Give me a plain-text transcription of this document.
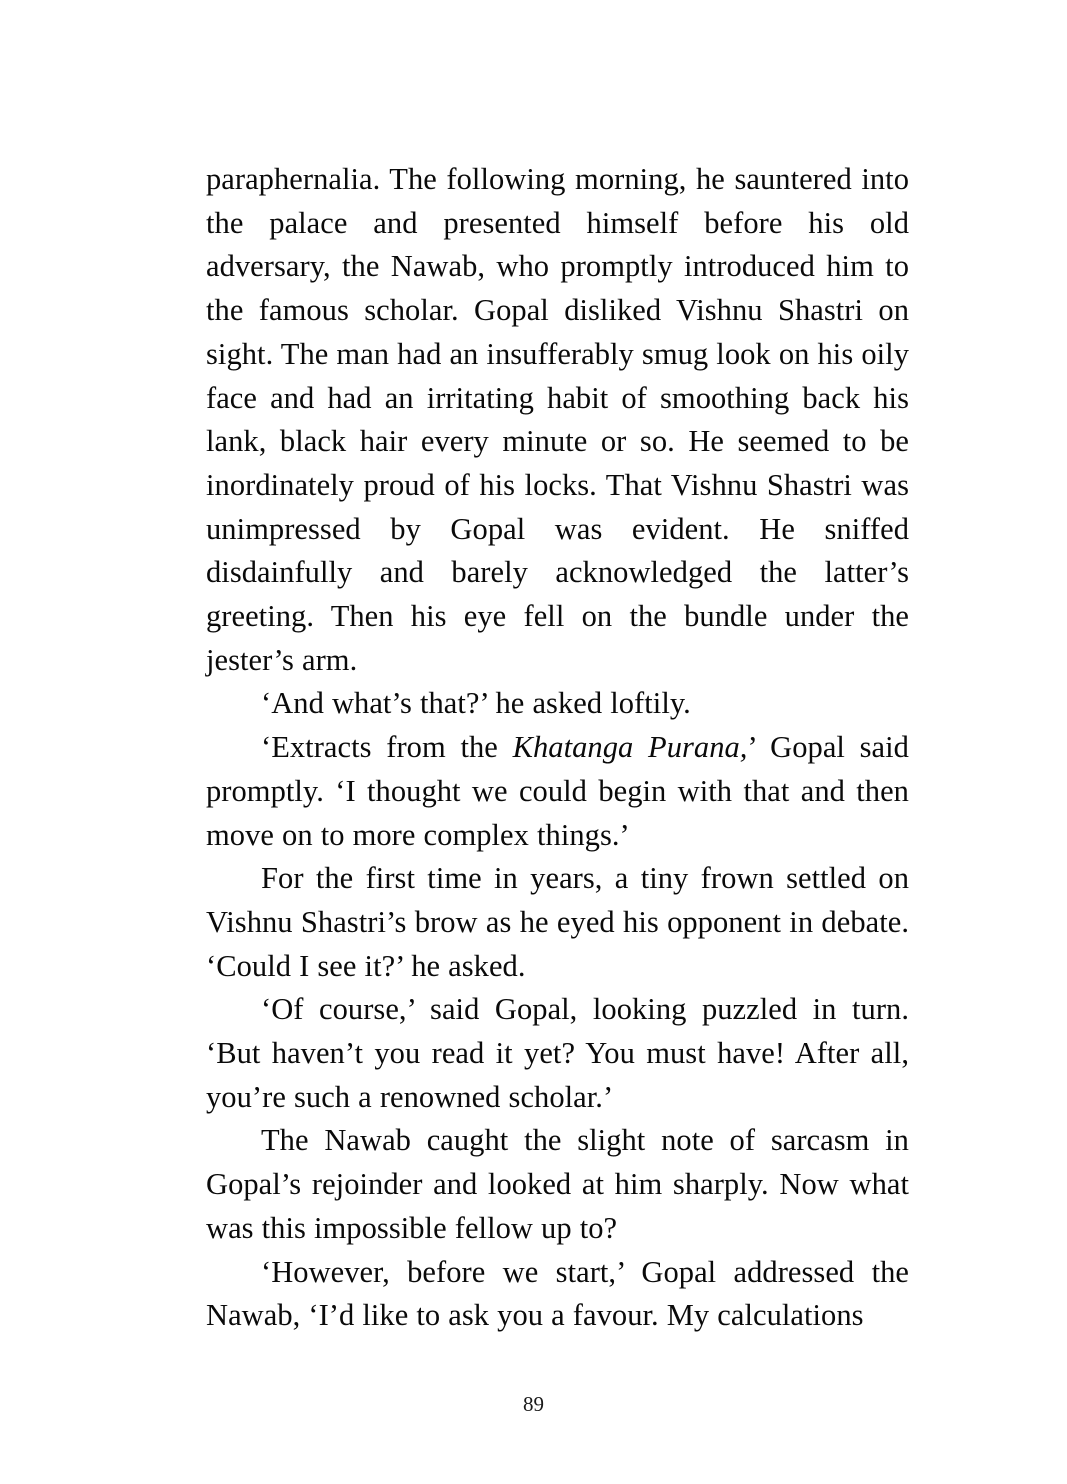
paraphernalia. The following morning, he sauntered into the palace and presented himself before his old adversary, the Nawab, who promptly introduced him to the famous scholar. Gopal disliked Vishnu Shastri on sight. The man had an insufferably smug look on his oily face and had an irritating habit of smoothing back his lank, black hair every minute or so. He seemed to be inordinately proud of his locks. That Vishnu Shastri was unimpressed by Gopal was evident. He sniffed disdainfully and barely acknowledged the latter’s greeting. Then his eye fell on the bundle under the jester’s arm.

‘And what’s that?’ he asked loftily.

‘Extracts from the Khatanga Purana,’ Gopal said promptly. ‘I thought we could begin with that and then move on to more complex things.’

For the first time in years, a tiny frown settled on Vishnu Shastri’s brow as he eyed his opponent in debate. ‘Could I see it?’ he asked.

‘Of course,’ said Gopal, looking puzzled in turn. ‘But haven’t you read it yet? You must have! After all, you’re such a renowned scholar.’

The Nawab caught the slight note of sarcasm in Gopal’s rejoinder and looked at him sharply. Now what was this impossible fellow up to?

‘However, before we start,’ Gopal addressed the Nawab, ‘I’d like to ask you a favour. My calculations

89
